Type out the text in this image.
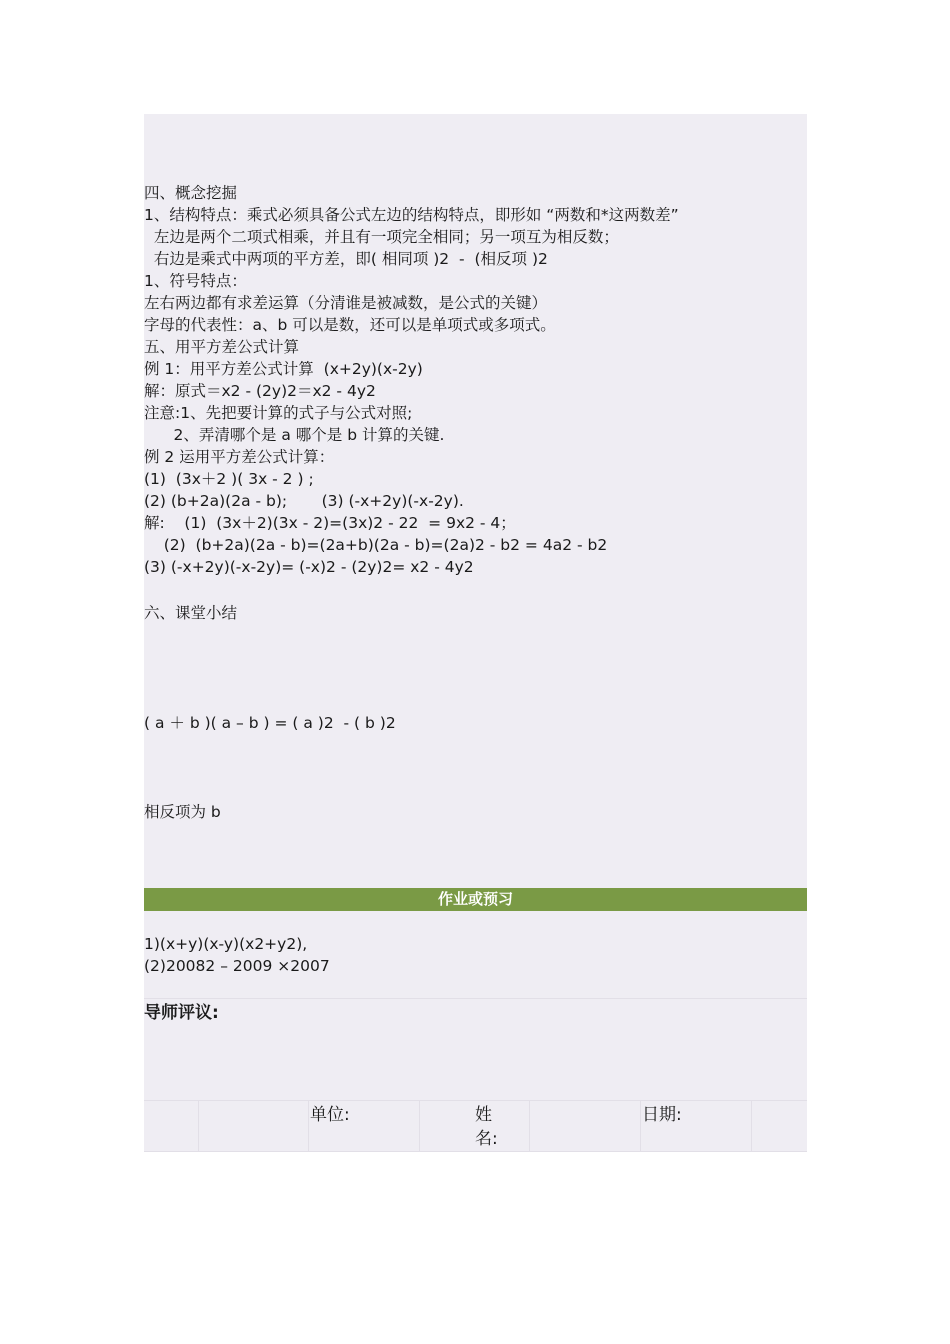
四、概念挖掘
1、结构特点：乘式必须具备公式左边的结构特点，即形如 “两数和*这两数差”
左边是两个二项式相乘，并且有一项完全相同；另一项互为相反数；
右边是乘式中两项的平方差，即( 相同项 )2  -  (相反项 )2
1、符号特点：
左右两边都有求差运算（分清谁是被减数，是公式的关键）
字母的代表性：a、b 可以是数，还可以是单项式或多项式。
五、用平方差公式计算
例 1：用平方差公式计算  (x+2y)(x-2y)
解：原式＝x2 - (2y)2＝x2 - 4y2
注意:1、先把要计算的式子与公式对照;
2、弄清哪个是 a 哪个是 b 计算的关键.
例 2 运用平方差公式计算：
(1)  (3x＋2 )( 3x - 2 ) ;
(2) (b+2a)(2a - b);       (3) (-x+2y)(-x-2y).
解:    (1)  (3x＋2)(3x - 2)=(3x)2 - 22  = 9x2 - 4；
(2)  (b+2a)(2a - b)=(2a+b)(2a - b)=(2a)2 - b2 = 4a2 - b2
(3) (-x+2y)(-x-2y)= (-x)2 - (2y)2= x2 - 4y2
六、课堂小结
( a ＋ b )( a – b ) = ( a )2  - ( b )2
相反项为 b
作业或预习
1)(x+y)(x-y)(x2+y2),
(2)20082 – 2009 ×2007
导师评议:
单位:	姓
名:
日期:
